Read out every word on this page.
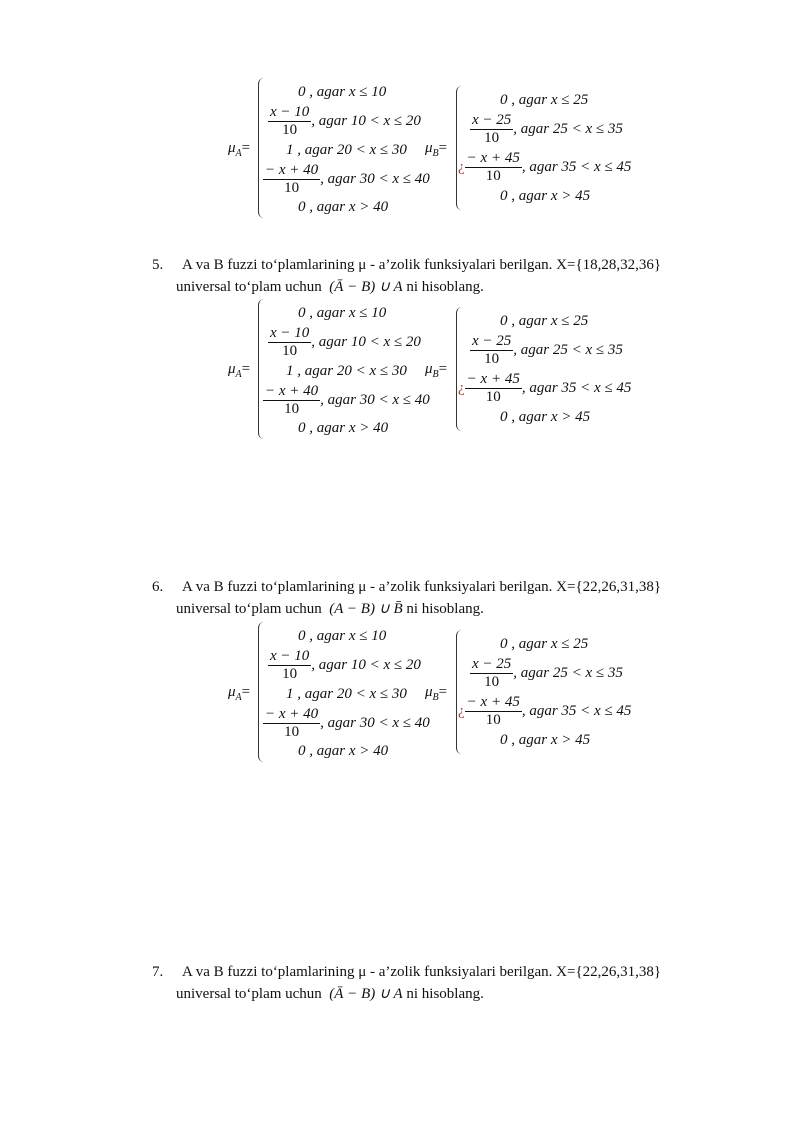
$\mu_A=$
0 , agar x ≤ 10
$\frac{x - 10}{10}$ , agar 10 < x ≤ 20
1 , agar 20 < x ≤ 30
$\frac{- x + 40}{10}$ , agar 30 < x ≤ 40
0 , agar x > 40
$\mu_B=$
0 , agar x ≤ 25
$\frac{x - 25}{10}$ , agar 25 < x ≤ 35
¿ $\frac{- x + 45}{10}$ , agar 35 < x ≤ 45
0 , agar x > 45
5. A va B fuzzi to‘plamlarining μ - a’zolik funksiyalari berilgan. X={18,28,32,36}
universal to‘plam uchun (Ā − B) ∪ A ni hisoblang.
$\mu_A=$
0 , agar x ≤ 10
$\frac{x - 10}{10}$ , agar 10 < x ≤ 20
1 , agar 20 < x ≤ 30
$\frac{- x + 40}{10}$ , agar 30 < x ≤ 40
0 , agar x > 40
$\mu_B=$
0 , agar x ≤ 25
$\frac{x - 25}{10}$ , agar 25 < x ≤ 35
¿ $\frac{- x + 45}{10}$ , agar 35 < x ≤ 45
0 , agar x > 45
6. A va B fuzzi to‘plamlarining μ - a’zolik funksiyalari berilgan. X={22,26,31,38}
universal to‘plam uchun (A − B) ∪ B̄ ni hisoblang.
$\mu_A=$
0 , agar x ≤ 10
$\frac{x - 10}{10}$ , agar 10 < x ≤ 20
1 , agar 20 < x ≤ 30
$\frac{- x + 40}{10}$ , agar 30 < x ≤ 40
0 , agar x > 40
$\mu_B=$
0 , agar x ≤ 25
$\frac{x - 25}{10}$ , agar 25 < x ≤ 35
¿ $\frac{- x + 45}{10}$ , agar 35 < x ≤ 45
0 , agar x > 45
7. A va B fuzzi to‘plamlarining μ - a’zolik funksiyalari berilgan. X={22,26,31,38}
universal to‘plam uchun (Ā − B) ∪ A ni hisoblang.
